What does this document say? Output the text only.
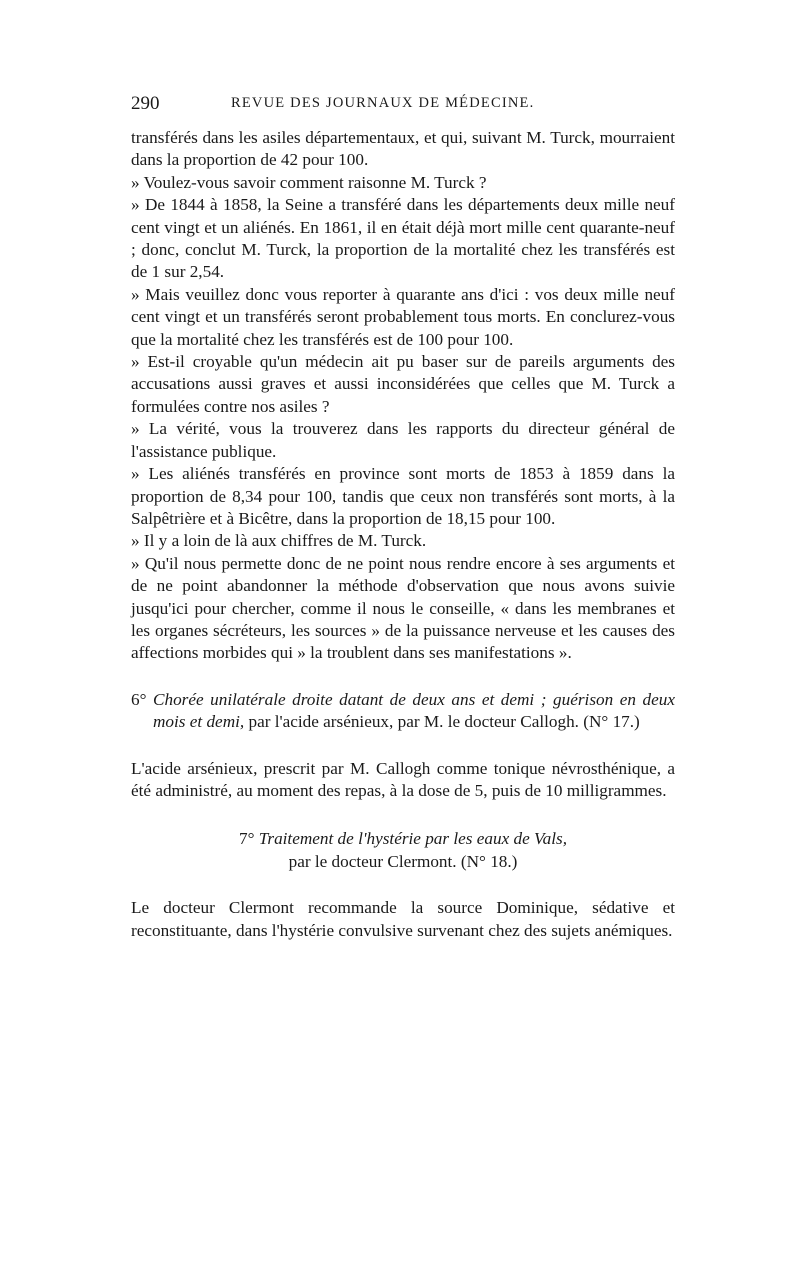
290	REVUE DES JOURNAUX DE MÉDECINE.

transférés dans les asiles départementaux, et qui, suivant M. Turck, mourraient dans la proportion de 42 pour 100.

» Voulez-vous savoir comment raisonne M. Turck ?

» De 1844 à 1858, la Seine a transféré dans les départements deux mille neuf cent vingt et un aliénés. En 1861, il en était déjà mort mille cent quarante-neuf ; donc, conclut M. Turck, la proportion de la mortalité chez les transférés est de 1 sur 2,54.

» Mais veuillez donc vous reporter à quarante ans d'ici : vos deux mille neuf cent vingt et un transférés seront probablement tous morts. En conclurez-vous que la mortalité chez les transférés est de 100 pour 100.

» Est-il croyable qu'un médecin ait pu baser sur de pareils arguments des accusations aussi graves et aussi inconsidérées que celles que M. Turck a formulées contre nos asiles ?

» La vérité, vous la trouverez dans les rapports du directeur général de l'assistance publique.

» Les aliénés transférés en province sont morts de 1853 à 1859 dans la proportion de 8,34 pour 100, tandis que ceux non transférés sont morts, à la Salpêtrière et à Bicêtre, dans la proportion de 18,15 pour 100.

» Il y a loin de là aux chiffres de M. Turck.

» Qu'il nous permette donc de ne point nous rendre encore à ses arguments et de ne point abandonner la méthode d'observation que nous avons suivie jusqu'ici pour chercher, comme il nous le conseille, « dans les membranes et les organes sécréteurs, les sources » de la puissance nerveuse et les causes des affections morbides qui » la troublent dans ses manifestations ».

6° Chorée unilatérale droite datant de deux ans et demi ; guérison en deux mois et demi, par l'acide arsénieux, par M. le docteur Callogh. (N° 17.)

L'acide arsénieux, prescrit par M. Callogh comme tonique névrosthénique, a été administré, au moment des repas, à la dose de 5, puis de 10 milligrammes.

7° Traitement de l'hystérie par les eaux de Vals,
par le docteur Clermont. (N° 18.)

Le docteur Clermont recommande la source Dominique, sédative et reconstituante, dans l'hystérie convulsive survenant chez des sujets anémiques.
